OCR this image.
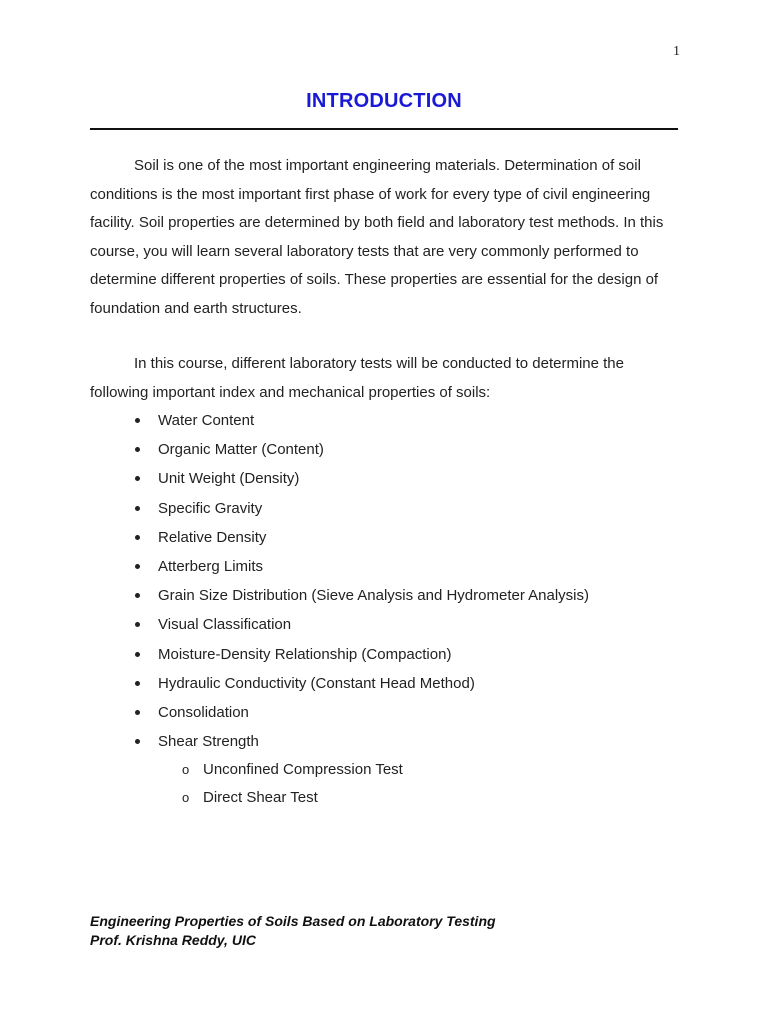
1
INTRODUCTION

Soil is one of the most important engineering materials. Determination of soil conditions is the most important first phase of work for every type of civil engineering facility. Soil properties are determined by both field and laboratory test methods. In this course, you will learn several laboratory tests that are very commonly performed to determine different properties of soils. These properties are essential for the design of foundation and earth structures.

In this course, different laboratory tests will be conducted to determine the following important index and mechanical properties of soils:

Water Content
Organic Matter (Content)
Unit Weight (Density)
Specific Gravity
Relative Density
Atterberg Limits
Grain Size Distribution (Sieve Analysis and Hydrometer Analysis)
Visual Classification
Moisture-Density Relationship (Compaction)
Hydraulic Conductivity (Constant Head Method)
Consolidation
Shear Strength
o Unconfined Compression Test
o Direct Shear Test
Engineering Properties of Soils Based on Laboratory Testing
Prof. Krishna Reddy, UIC
